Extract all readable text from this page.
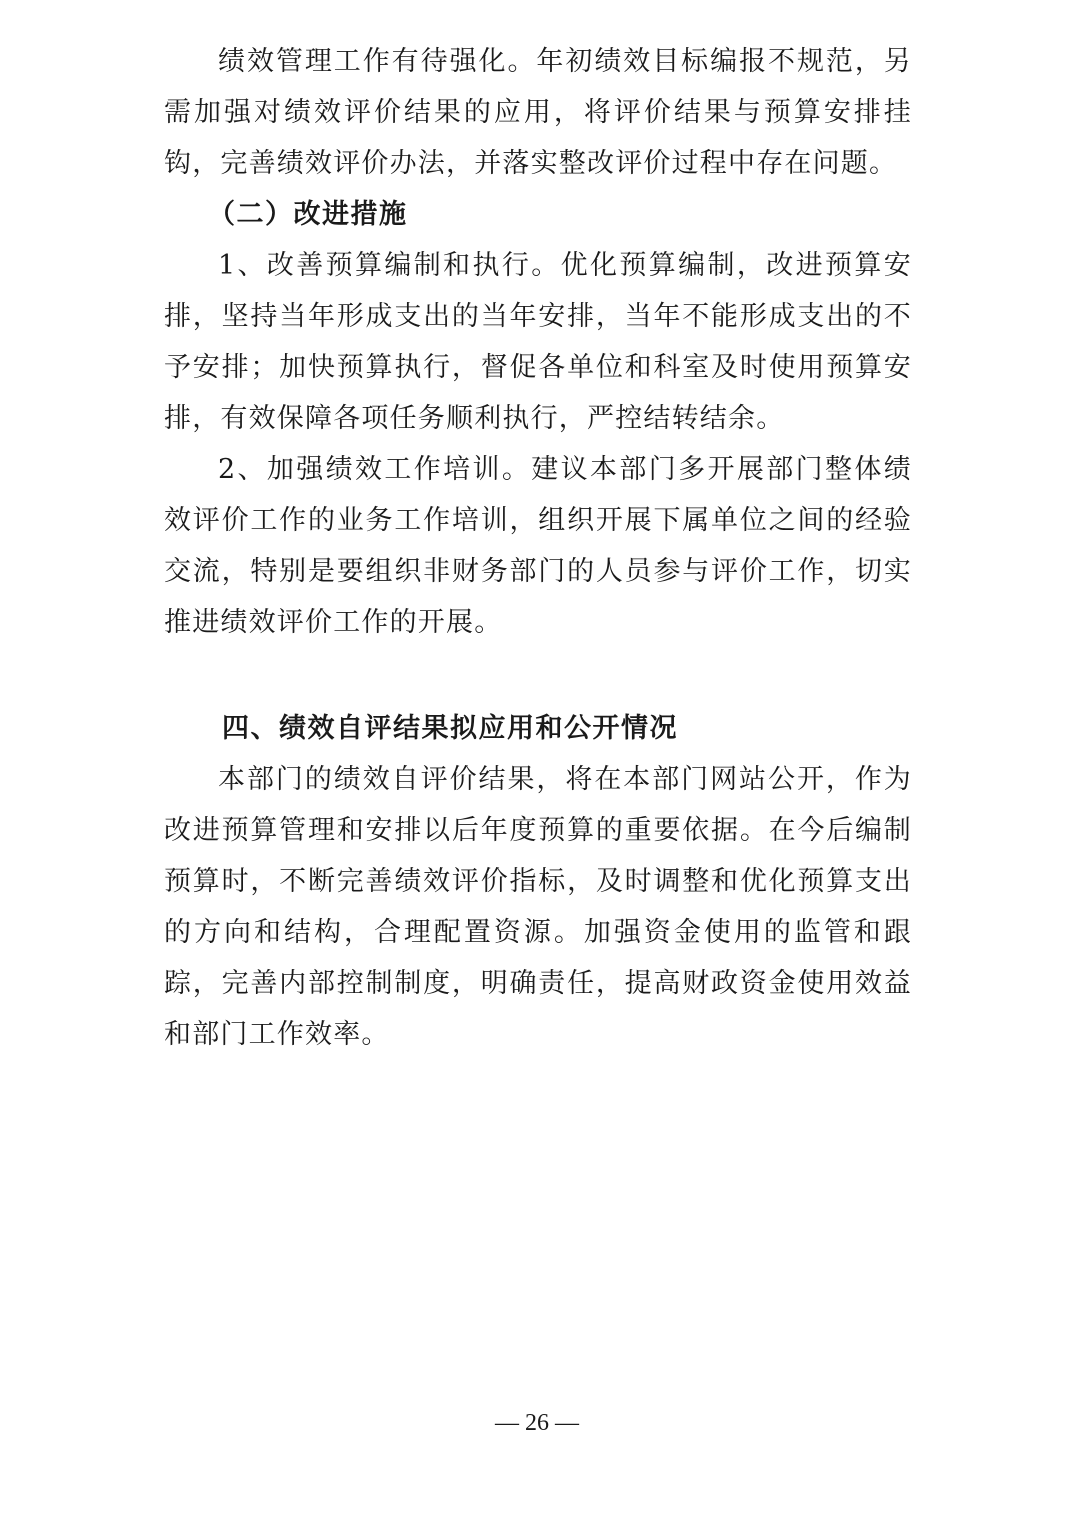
绩效管理工作有待强化。年初绩效目标编报不规范，另需加强对绩效评价结果的应用，将评价结果与预算安排挂钩，完善绩效评价办法，并落实整改评价过程中存在问题。

（二）改进措施

1、改善预算编制和执行。优化预算编制，改进预算安排，坚持当年形成支出的当年安排，当年不能形成支出的不予安排；加快预算执行，督促各单位和科室及时使用预算安排，有效保障各项任务顺利执行，严控结转结余。

2、加强绩效工作培训。建议本部门多开展部门整体绩效评价工作的业务工作培训，组织开展下属单位之间的经验交流，特别是要组织非财务部门的人员参与评价工作，切实推进绩效评价工作的开展。

四、绩效自评结果拟应用和公开情况

本部门的绩效自评价结果，将在本部门网站公开，作为改进预算管理和安排以后年度预算的重要依据。在今后编制预算时，不断完善绩效评价指标，及时调整和优化预算支出的方向和结构，合理配置资源。加强资金使用的监管和跟踪，完善内部控制制度，明确责任，提高财政资金使用效益和部门工作效率。

— 26 —
